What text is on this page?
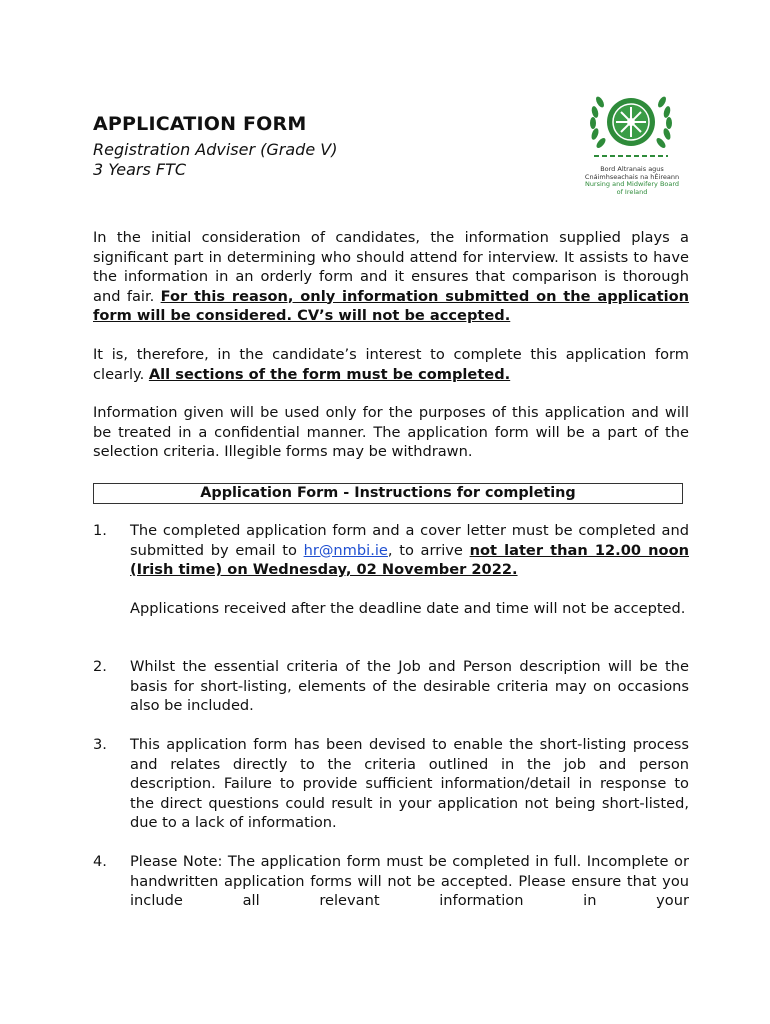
APPLICATION FORM
Registration Adviser (Grade V)
3 Years FTC	Bord Altranais agus
Cnáimhseachais na hÉireann
Nursing and Midwifery Board
of Ireland
In the initial consideration of candidates, the information supplied plays a significant part in determining who should attend for interview. It assists to have the information in an orderly form and it ensures that comparison is thorough and fair. For this reason, only information submitted on the application form will be considered. CV’s will not be accepted.
It is, therefore, in the candidate’s interest to complete this application form clearly. All sections of the form must be completed.
Information given will be used only for the purposes of this application and will be treated in a confidential manner. The application form will be a part of the selection criteria. Illegible forms may be withdrawn.
Application Form - Instructions for completing
1.	The completed application form and a cover letter must be completed and submitted by email to hr@nmbi.ie, to arrive not later than 12.00 noon (Irish time) on Wednesday, 02 November 2022.
Applications received after the deadline date and time will not be accepted.
2.	Whilst the essential criteria of the Job and Person description will be the basis for short-listing, elements of the desirable criteria may on occasions also be included.
3.	This application form has been devised to enable the short-listing process and relates directly to the criteria outlined in the job and person description. Failure to provide sufficient information/detail in response to the direct questions could result in your application not being short-listed, due to a lack of information.
4.	Please Note: The application form must be completed in full. Incomplete or handwritten application forms will not be accepted. Please ensure that you include all relevant information in your
